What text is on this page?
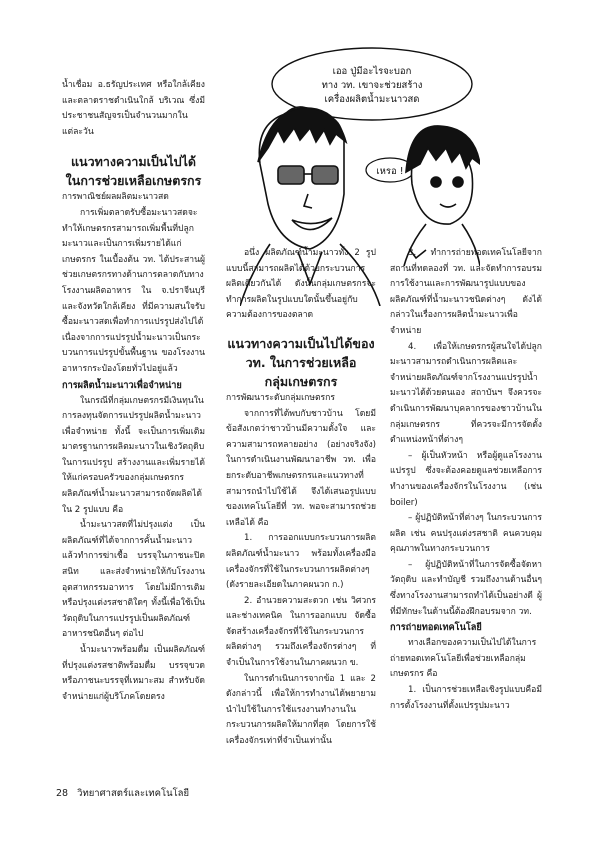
น้ำเชื่อม อ.ธรัญประเทศ หรือใกล้เคียง และตลาดราชดำเนินใกล้ บริเวณ ซึ่งมีประชาชนสัญจรเป็นจำนวนมากในแต่ละวัน

แนวทางความเป็นไปได้

ในการช่วยเหลือเกษตรกร

การพาณิชย์ผลผลิตมะนาวสด

การเพิ่มตลาดรับซื้อมะนาวสดจะทำให้เกษตรกรสามารถเพิ่มพื้นที่ปลูกมะนาวและเป็นการเพิ่มรายได้แก่เกษตรกร ในเบื้องต้น วท. ได้ประสานผู้ช่วยเกษตรกรทางด้านการตลาดกับทางโรงงานผลิตอาหาร ใน จ.ปราจีนบุรี และจังหวัดใกล้เคียง ที่มีความสนใจรับซื้อมะนาวสดเพื่อทำการแปรรูปส่งไปได้ เนื่องจากการแปรรูปน้ำมะนาวเป็นกระบวนการแปรรูปขั้นพื้นฐาน ของโรงงานอาหารกระป๋องโดยทั่วไปอยู่แล้ว

การผลิตน้ำมะนาวเพื่อจำหน่าย

ในกรณีที่กลุ่มเกษตรกรมีเงินทุนในการลงทุนจัดการแปรรูปผลิตน้ำมะนาวเพื่อจำหน่าย ทั้งนี้ จะเป็นการเพิ่มเติมมาตรฐานการผลิตมะนาวในเชิงวัตถุดิบในการแปรรูป สร้างงานและเพิ่มรายได้ให้แก่ครอบครัวของกลุ่มเกษตรกร ผลิตภัณฑ์น้ำมะนาวสามารถจัดผลิตได้ใน 2 รูปแบบ คือ

น้ำมะนาวสดที่ไม่ปรุงแต่ง เป็นผลิตภัณฑ์ที่ได้จากการคั้นน้ำมะนาวแล้วทำการฆ่าเชื้อ บรรจุในภาชนะปิดสนิท และส่งจำหน่ายให้กับโรงงานอุตสาหกรรมอาหาร โดยไม่มีการเติมหรือปรุงแต่งรสชาติใดๆ ทั้งนี้เพื่อใช้เป็นวัตถุดิบในการแปรรูปเป็นผลิตภัณฑ์อาหารชนิดอื่นๆ ต่อไป

น้ำมะนาวพร้อมดื่ม เป็นผลิตภัณฑ์ที่ปรุงแต่งรสชาติพร้อมดื่ม บรรจุขวดหรือภาชนะบรรจุที่เหมาะสม สำหรับจัดจำหน่ายแก่ผู้บริโภคโดยตรง

เออ ปู่มีอะไรจะบอก
ทาง วท. เขาจะช่วยสร้าง
เครื่องผลิตน้ำมะนาวสด
เหรอ !

อนึ่ง ผลิตภัณฑ์น้ำมะนาวทั้ง 2 รูปแบบนี้สามารถผลิตได้ด้วยกระบวนการผลิตเดียวกันได้ ดังนั้นกลุ่มเกษตรกรจะทำการผลิตในรูปแบบใดนั้นขึ้นอยู่กับความต้องการของตลาด

แนวทางความเป็นไปได้ของ

วท. ในการช่วยเหลือ

กลุ่มเกษตรกร

การพัฒนาระดับกลุ่มเกษตรกร

จากการที่ได้พบกับชาวบ้าน โดยมีข้อสังเกตว่าชาวบ้านมีความตั้งใจ และความสามารถหลายอย่าง (อย่างจริงจัง) ในการดำเนินงานพัฒนาอาชีพ วท. เพื่อยกระดับอาชีพเกษตรกรและแนวทางที่สามารถนำไปใช้ได้ จึงได้เสนอรูปแบบของเทคโนโลยีที่ วท. พอจะสามารถช่วยเหลือได้ คือ

1. การออกแบบกระบวนการผลิตผลิตภัณฑ์น้ำมะนาว พร้อมทั้งเครื่องมือเครื่องจักรที่ใช้ในกระบวนการผลิตต่างๆ (ดังรายละเอียดในภาคผนวก ก.)

2. อำนวยความสะดวก เช่น วิศวกรและช่างเทคนิค ในการออกแบบ จัดซื้อ จัดสร้างเครื่องจักรที่ใช้ในกระบวนการผลิตต่างๆ รวมถึงเครื่องจักรต่างๆ ที่จำเป็นในการใช้งานในภาคผนวก ข.

ในการดำเนินการจากข้อ 1 และ 2 ดังกล่าวนี้ เพื่อให้การทำงานได้พยายามนำไปใช้ในการใช้แรงงานทำงานในกระบวนการผลิตให้มากที่สุด โดยการใช้เครื่องจักรเท่าที่จำเป็นเท่านั้น

3. ทำการถ่ายทอดเทคโนโลยีจากสถานที่ทดลองที่ วท. และจัดทำการอบรมการใช้งานและการพัฒนารูปแบบของผลิตภัณฑ์ที่น้ำมะนาวชนิดต่างๆ ดังได้กล่าวในเรื่องการผลิตน้ำมะนาวเพื่อจำหน่าย

4. เพื่อให้เกษตรกรผู้สนใจได้ปลูกมะนาวสามารถดำเนินการผลิตและจำหน่ายผลิตภัณฑ์จากโรงงานแปรรูปน้ำมะนาวได้ด้วยตนเอง สถาบันฯ จึงควรจะดำเนินการพัฒนาบุคลากรของชาวบ้านในกลุ่มเกษตรกร ที่ควรจะมีการจัดตั้งตำแหน่งหน้าที่ต่างๆ

– ผู้เป็นหัวหน้า หรือผู้ดูแลโรงงานแปรรูป ซึ่งจะต้องคอยดูแลช่วยเหลือการทำงานของเครื่องจักรในโรงงาน (เช่น boiler)

– ผู้ปฏิบัติหน้าที่ต่างๆ ในกระบวนการผลิต เช่น คนปรุงแต่งรสชาติ คนควบคุมคุณภาพในทางกระบวนการ

– ผู้ปฏิบัติหน้าที่ในการจัดซื้อจัดหาวัตถุดิบ และทำบัญชี รวมถึงงานด้านอื่นๆ ซึ่งทางโรงงานสามารถทำได้เป็นอย่างดี ผู้ที่มีทักษะในด้านนี้ต้องฝึกอบรมจาก วท.

การถ่ายทอดเทคโนโลยี

ทางเลือกของความเป็นไปได้ในการถ่ายทอดเทคโนโลยีเพื่อช่วยเหลือกลุ่มเกษตรกร คือ

1. เป็นการช่วยเหลือเชิงรูปแบบคือมีการตั้งโรงงานที่ตั้งแปรรูปมะนาว

28 วิทยาศาสตร์และเทคโนโลยี
